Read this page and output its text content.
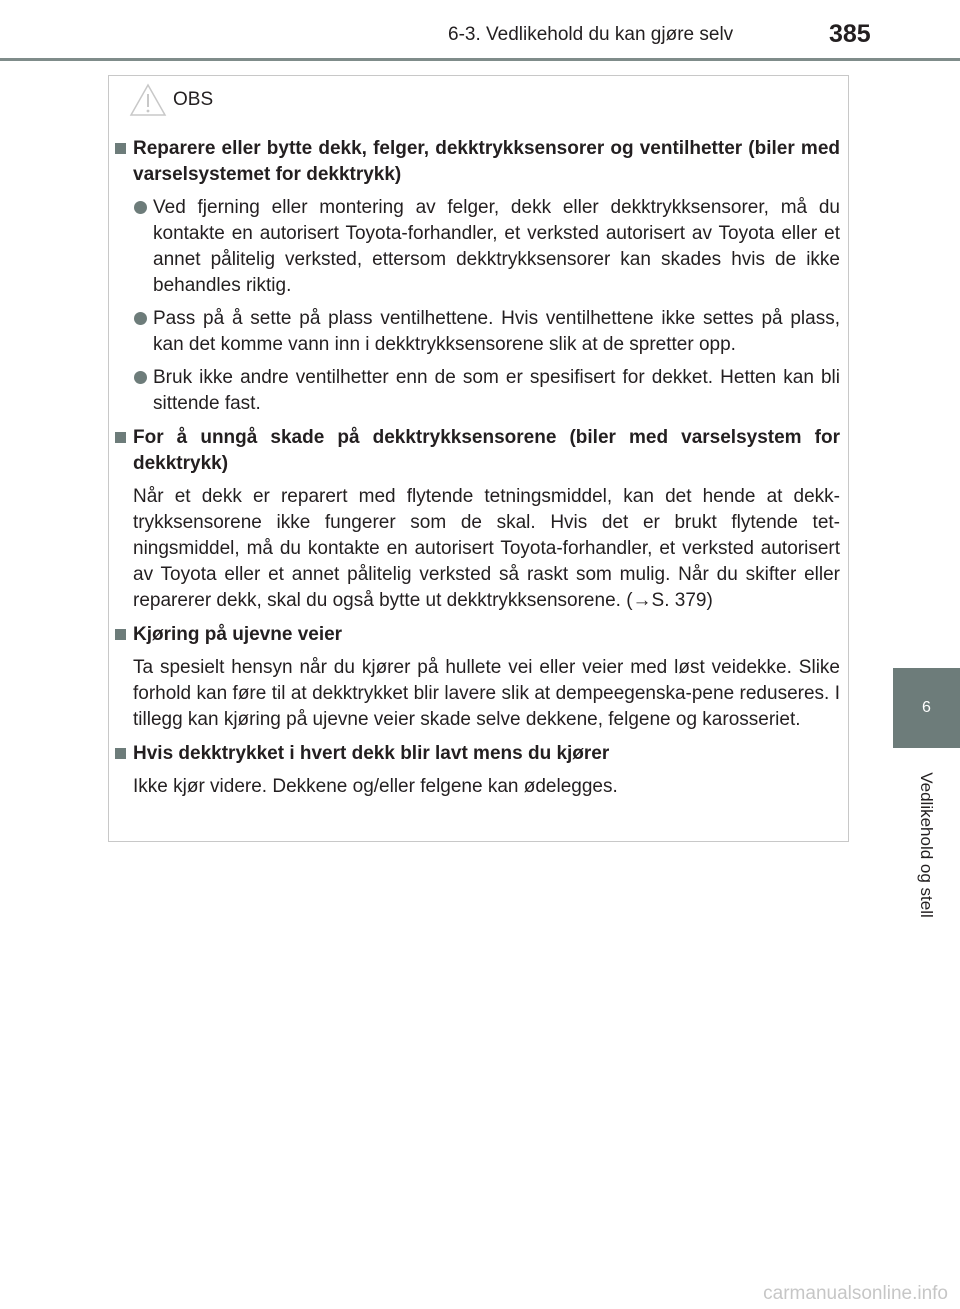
6-3. Vedlikehold du kan gjøre selv	385
6
Vedlikehold og stell
OBS
Reparere eller bytte dekk, felger, dekktrykksensorer og ventilhetter (biler med varselsystemet for dekktrykk)
Ved fjerning eller montering av felger, dekk eller dekktrykksensorer, må du kontakte en autorisert Toyota-forhandler, et verksted autorisert av Toyota eller et annet pålitelig verksted, ettersom dekktrykksensorer kan skades hvis de ikke behandles riktig.
Pass på å sette på plass ventilhettene. Hvis ventilhettene ikke settes på plass, kan det komme vann inn i dekktrykksensorene slik at de spretter opp.
Bruk ikke andre ventilhetter enn de som er spesifisert for dekket. Hetten kan bli sittende fast.
For å unngå skade på dekktrykksensorene (biler med varselsystem for dekktrykk)
Når et dekk er reparert med flytende tetningsmiddel, kan det hende at dekk-trykksensorene ikke fungerer som de skal. Hvis det er brukt flytende tet-ningsmiddel, må du kontakte en autorisert Toyota-forhandler, et verksted autorisert av Toyota eller et annet pålitelig verksted så raskt som mulig. Når du skifter eller reparerer dekk, skal du også bytte ut dekktrykksensorene. (→S. 379)
Kjøring på ujevne veier
Ta spesielt hensyn når du kjører på hullete vei eller veier med løst veidekke. Slike forhold kan føre til at dekktrykket blir lavere slik at dempeegenska-pene reduseres. I tillegg kan kjøring på ujevne veier skade selve dekkene, felgene og karosseriet.
Hvis dekktrykket i hvert dekk blir lavt mens du kjører
Ikke kjør videre. Dekkene og/eller felgene kan ødelegges.
carmanualsonline.info
